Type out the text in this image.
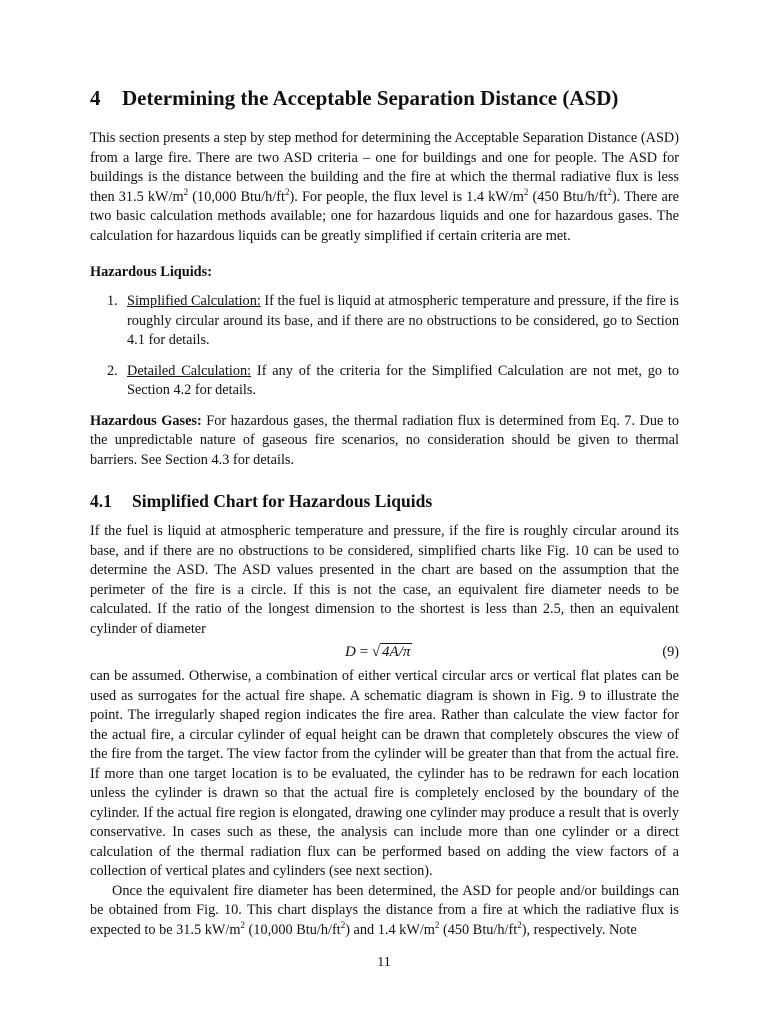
4 Determining the Acceptable Separation Distance (ASD)

This section presents a step by step method for determining the Acceptable Separation Distance (ASD) from a large fire. There are two ASD criteria – one for buildings and one for people. The ASD for buildings is the distance between the building and the fire at which the thermal radiative flux is less then 31.5 $kW/m^2$ (10,000 Btu/$h/ft^2$). For people, the flux level is 1.4 $kW/m^2$ (450 Btu/$h/ft^2$). There are two basic calculation methods available; one for hazardous liquids and one for hazardous gases. The calculation for hazardous liquids can be greatly simplified if certain criteria are met.

Hazardous Liquids:
1. Simplified Calculation: If the fuel is liquid at atmospheric temperature and pressure, if the fire is roughly circular around its base, and if there are no obstructions to be considered, go to Section 4.1 for details.
2. Detailed Calculation: If any of the criteria for the Simplified Calculation are not met, go to Section 4.2 for details.

Hazardous Gases: For hazardous gases, the thermal radiation flux is determined from Eq. 7. Due to the unpredictable nature of gaseous fire scenarios, no consideration should be given to thermal barriers. See Section 4.3 for details.

4.1 Simplified Chart for Hazardous Liquids

If the fuel is liquid at atmospheric temperature and pressure, if the fire is roughly circular around its base, and if there are no obstructions to be considered, simplified charts like Fig. 10 can be used to determine the ASD. The ASD values presented in the chart are based on the assumption that the perimeter of the fire is a circle. If this is not the case, an equivalent fire diameter needs to be calculated. If the ratio of the longest dimension to the shortest is less than 2.5, then an equivalent cylinder of diameter

D = √ 4A/π	(9)

can be assumed. Otherwise, a combination of either vertical circular arcs or vertical flat plates can be used as surrogates for the actual fire shape. A schematic diagram is shown in Fig. 9 to illustrate the point. The irregularly shaped region indicates the fire area. Rather than calculate the view factor for the actual fire, a circular cylinder of equal height can be drawn that completely obscures the view of the fire from the target. The view factor from the cylinder will be greater than that from the actual fire. If more than one target location is to be evaluated, the cylinder has to be redrawn for each location unless the cylinder is drawn so that the actual fire is completely enclosed by the boundary of the cylinder. If the actual fire region is elongated, drawing one cylinder may produce a result that is overly conservative. In cases such as these, the analysis can include more than one cylinder or a direct calculation of the thermal radiation flux can be performed based on adding the view factors of a collection of vertical plates and cylinders (see next section).

Once the equivalent fire diameter has been determined, the ASD for people and/or buildings can be obtained from Fig. 10. This chart displays the distance from a fire at which the radiative flux is expected to be 31.5 $kW/m^2$ (10,000 Btu/$h/ft^2$) and 1.4 $kW/m^2$ (450 Btu/$h/ft^2$), respectively. Note

11
